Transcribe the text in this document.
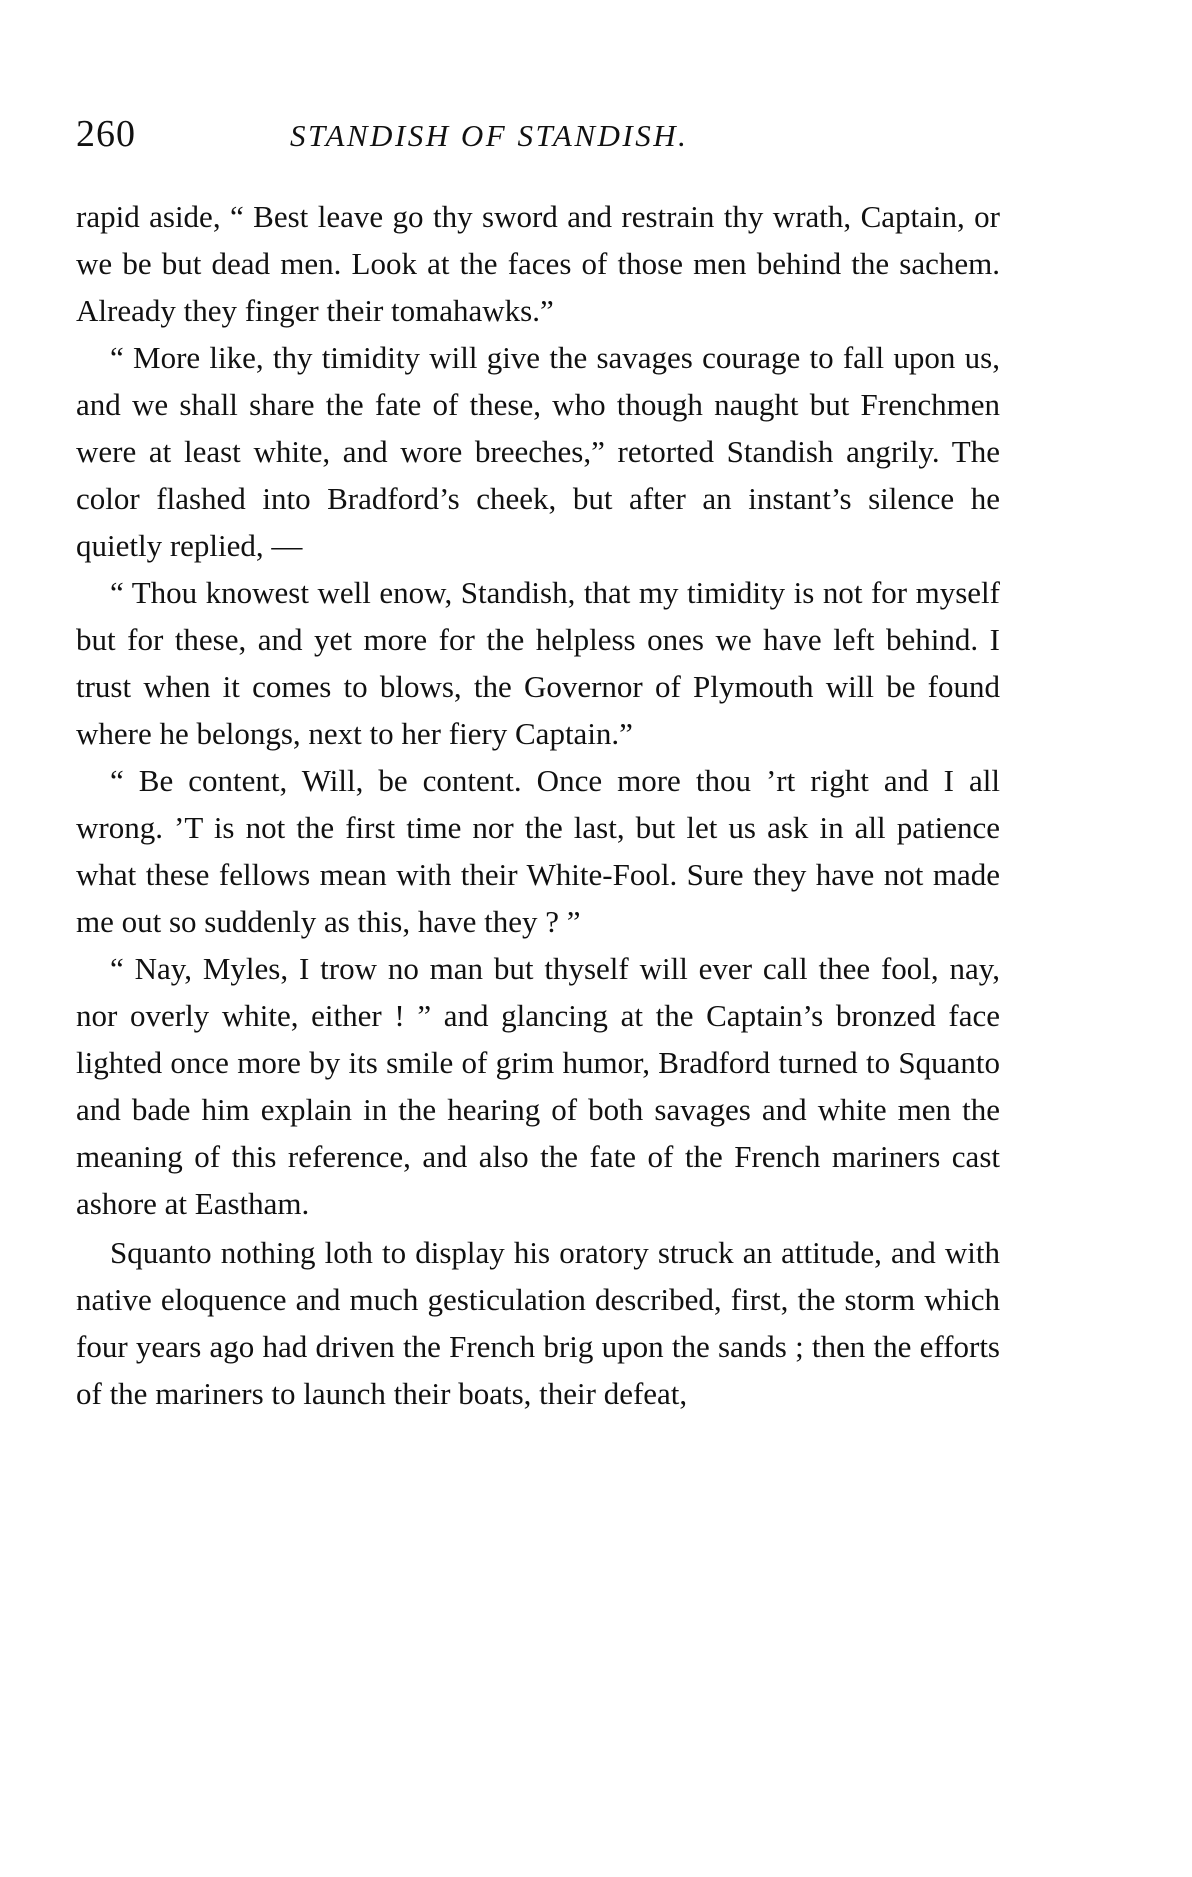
260	STANDISH OF STANDISH.

rapid aside, “ Best leave go thy sword and restrain thy wrath, Captain, or we be but dead men. Look at the faces of those men behind the sachem. Already they finger their tomahawks.”

“ More like, thy timidity will give the savages courage to fall upon us, and we shall share the fate of these, who though naught but Frenchmen were at least white, and wore breeches,” retorted Standish angrily. The color flashed into Bradford’s cheek, but after an instant’s silence he quietly replied, —

“ Thou knowest well enow, Standish, that my timidity is not for myself but for these, and yet more for the helpless ones we have left behind. I trust when it comes to blows, the Governor of Plymouth will be found where he belongs, next to her fiery Captain.”

“ Be content, Will, be content. Once more thou ’rt right and I all wrong. ’T is not the first time nor the last, but let us ask in all patience what these fellows mean with their White-Fool. Sure they have not made me out so suddenly as this, have they ? ”

“ Nay, Myles, I trow no man but thyself will ever call thee fool, nay, nor overly white, either ! ” and glancing at the Captain’s bronzed face lighted once more by its smile of grim humor, Bradford turned to Squanto and bade him explain in the hearing of both savages and white men the meaning of this reference, and also the fate of the French mariners cast ashore at Eastham.

Squanto nothing loth to display his oratory struck an attitude, and with native eloquence and much gesticulation described, first, the storm which four years ago had driven the French brig upon the sands ; then the efforts of the mariners to launch their boats, their defeat,
